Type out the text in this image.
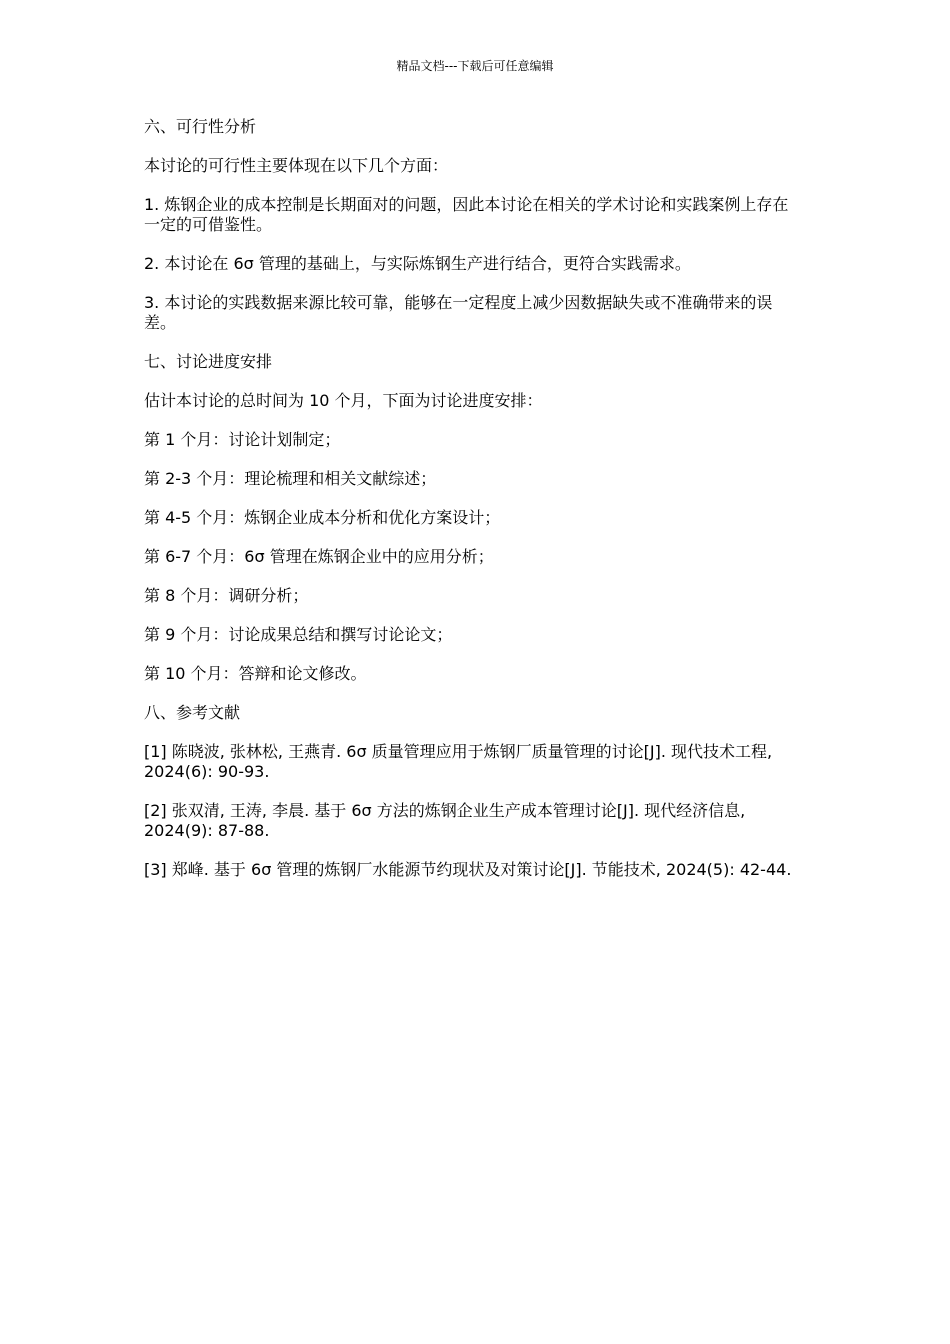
精品文档---下载后可任意编辑

六、可行性分析

本讨论的可行性主要体现在以下几个方面：

1. 炼钢企业的成本控制是长期面对的问题，因此本讨论在相关的学术讨论和实践案例上存在一定的可借鉴性。

2. 本讨论在 6σ 管理的基础上，与实际炼钢生产进行结合，更符合实践需求。

3. 本讨论的实践数据来源比较可靠，能够在一定程度上减少因数据缺失或不准确带来的误差。

七、讨论进度安排

估计本讨论的总时间为 10 个月，下面为讨论进度安排：

第 1 个月：讨论计划制定；

第 2-3 个月：理论梳理和相关文献综述；

第 4-5 个月：炼钢企业成本分析和优化方案设计；

第 6-7 个月：6σ 管理在炼钢企业中的应用分析；

第 8 个月：调研分析；

第 9 个月：讨论成果总结和撰写讨论论文；

第 10 个月：答辩和论文修改。

八、参考文献

[1] 陈晓波, 张林松, 王燕青. 6σ 质量管理应用于炼钢厂质量管理的讨论[J]. 现代技术工程, 2024(6): 90-93.

[2] 张双清, 王涛, 李晨. 基于 6σ 方法的炼钢企业生产成本管理讨论[J]. 现代经济信息, 2024(9): 87-88.

[3] 郑峰. 基于 6σ 管理的炼钢厂水能源节约现状及对策讨论[J]. 节能技术, 2024(5): 42-44.
